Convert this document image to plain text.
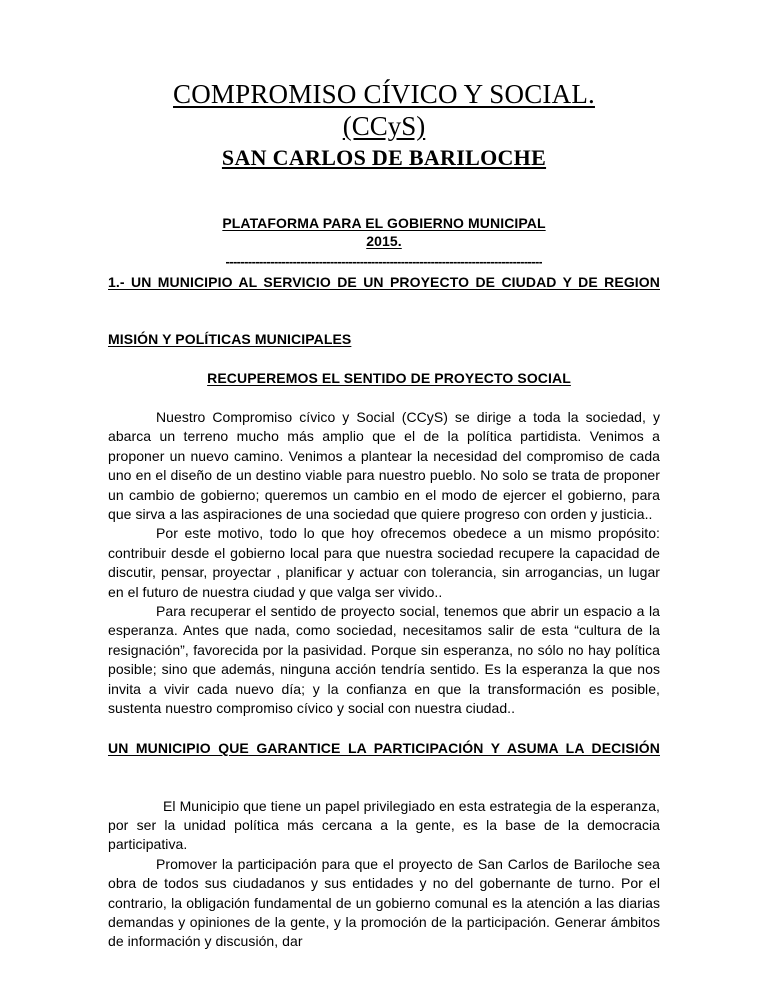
COMPROMISO CÍVICO Y SOCIAL.
(CCyS)
SAN CARLOS DE BARILOCHE
PLATAFORMA PARA EL GOBIERNO MUNICIPAL
2015.
-------------------------------------------------------------------------------------
1.- UN MUNICIPIO AL SERVICIO DE UN PROYECTO DE CIUDAD Y DE REGION
MISIÓN Y POLÍTICAS MUNICIPALES
RECUPEREMOS EL SENTIDO DE PROYECTO SOCIAL

Nuestro Compromiso cívico y Social (CCyS) se dirige a toda la sociedad, y abarca un terreno mucho más amplio que el de la política partidista. Venimos a proponer un nuevo camino. Venimos a plantear la necesidad del compromiso de cada uno en el diseño de un destino viable para nuestro pueblo. No solo se trata de proponer un cambio de gobierno; queremos un cambio en el modo de ejercer el gobierno, para que sirva a las aspiraciones de una sociedad que quiere progreso con orden y justicia..

Por este motivo, todo lo que hoy ofrecemos obedece a un mismo propósito: contribuir desde el gobierno local para que nuestra sociedad recupere la capacidad de discutir, pensar, proyectar , planificar y actuar con tolerancia, sin arrogancias, un lugar en el futuro de nuestra ciudad y que valga ser vivido..

Para recuperar el sentido de proyecto social, tenemos que abrir un espacio a la esperanza. Antes que nada, como sociedad, necesitamos salir de esta “cultura de la resignación”, favorecida por la pasividad. Porque sin esperanza, no sólo no hay política posible; sino que además, ninguna acción tendría sentido. Es la esperanza la que nos invita a vivir cada nuevo día; y la confianza en que la transformación es posible, sustenta nuestro compromiso cívico y social con nuestra ciudad..

UN MUNICIPIO QUE GARANTICE LA PARTICIPACIÓN Y ASUMA LA DECISIÓN

El Municipio que tiene un papel privilegiado en esta estrategia de la esperanza, por ser la unidad política más cercana a la gente, es la base de la democracia participativa.

Promover la participación para que el proyecto de San Carlos de Bariloche sea obra de todos sus ciudadanos y sus entidades y no del gobernante de turno. Por el contrario, la obligación fundamental de un gobierno comunal es la atención a las diarias demandas y opiniones de la gente, y la promoción de la participación. Generar ámbitos de información y discusión, dar
